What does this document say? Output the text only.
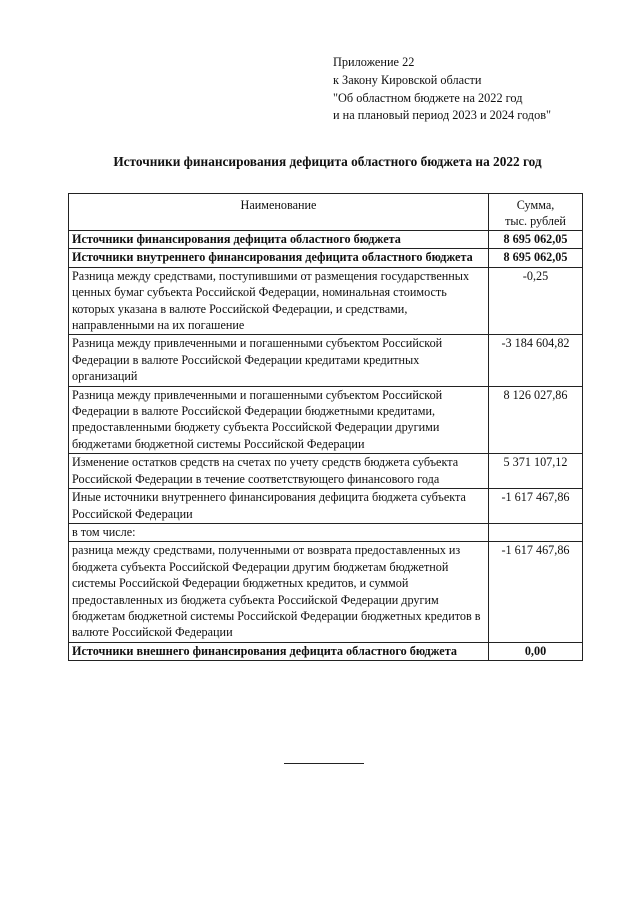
Приложение 22
к Закону Кировской области
"Об областном бюджете на 2022 год
и на плановый период 2023 и 2024 годов"
Источники финансирования дефицита областного бюджета на 2022 год
Наименование	Сумма,
тыс. рублей

Источники финансирования дефицита областного бюджета	8 695 062,05
Источники внутреннего финансирования дефицита областного бюджета	8 695 062,05
Разница между средствами, поступившими от размещения государственных ценных бумаг субъекта Российской Федерации, номинальная стоимость которых указана в валюте Российской Федерации, и средствами, направленными на их погашение	-0,25
Разница между привлеченными и погашенными субъектом Российской Федерации в валюте Российской Федерации кредитами кредитных организаций	-3 184 604,82
Разница между привлеченными и погашенными субъектом Российской Федерации в валюте Российской Федерации бюджетными кредитами, предоставленными бюджету субъекта Российской Федерации другими бюджетами бюджетной системы Российской Федерации	8 126 027,86
Изменение остатков средств на счетах по учету средств бюджета субъекта Российской Федерации в течение соответствующего финансового года	5 371 107,12
Иные источники внутреннего финансирования дефицита бюджета субъекта Российской Федерации	-1 617 467,86
в том числе:	
разница между средствами, полученными от возврата предоставленных из бюджета субъекта Российской Федерации другим бюджетам бюджетной системы Российской Федерации бюджетных кредитов, и суммой предоставленных из бюджета субъекта Российской Федерации другим бюджетам бюджетной системы Российской Федерации бюджетных кредитов в валюте Российской Федерации	-1 617 467,86
Источники внешнего финансирования дефицита областного бюджета	0,00
